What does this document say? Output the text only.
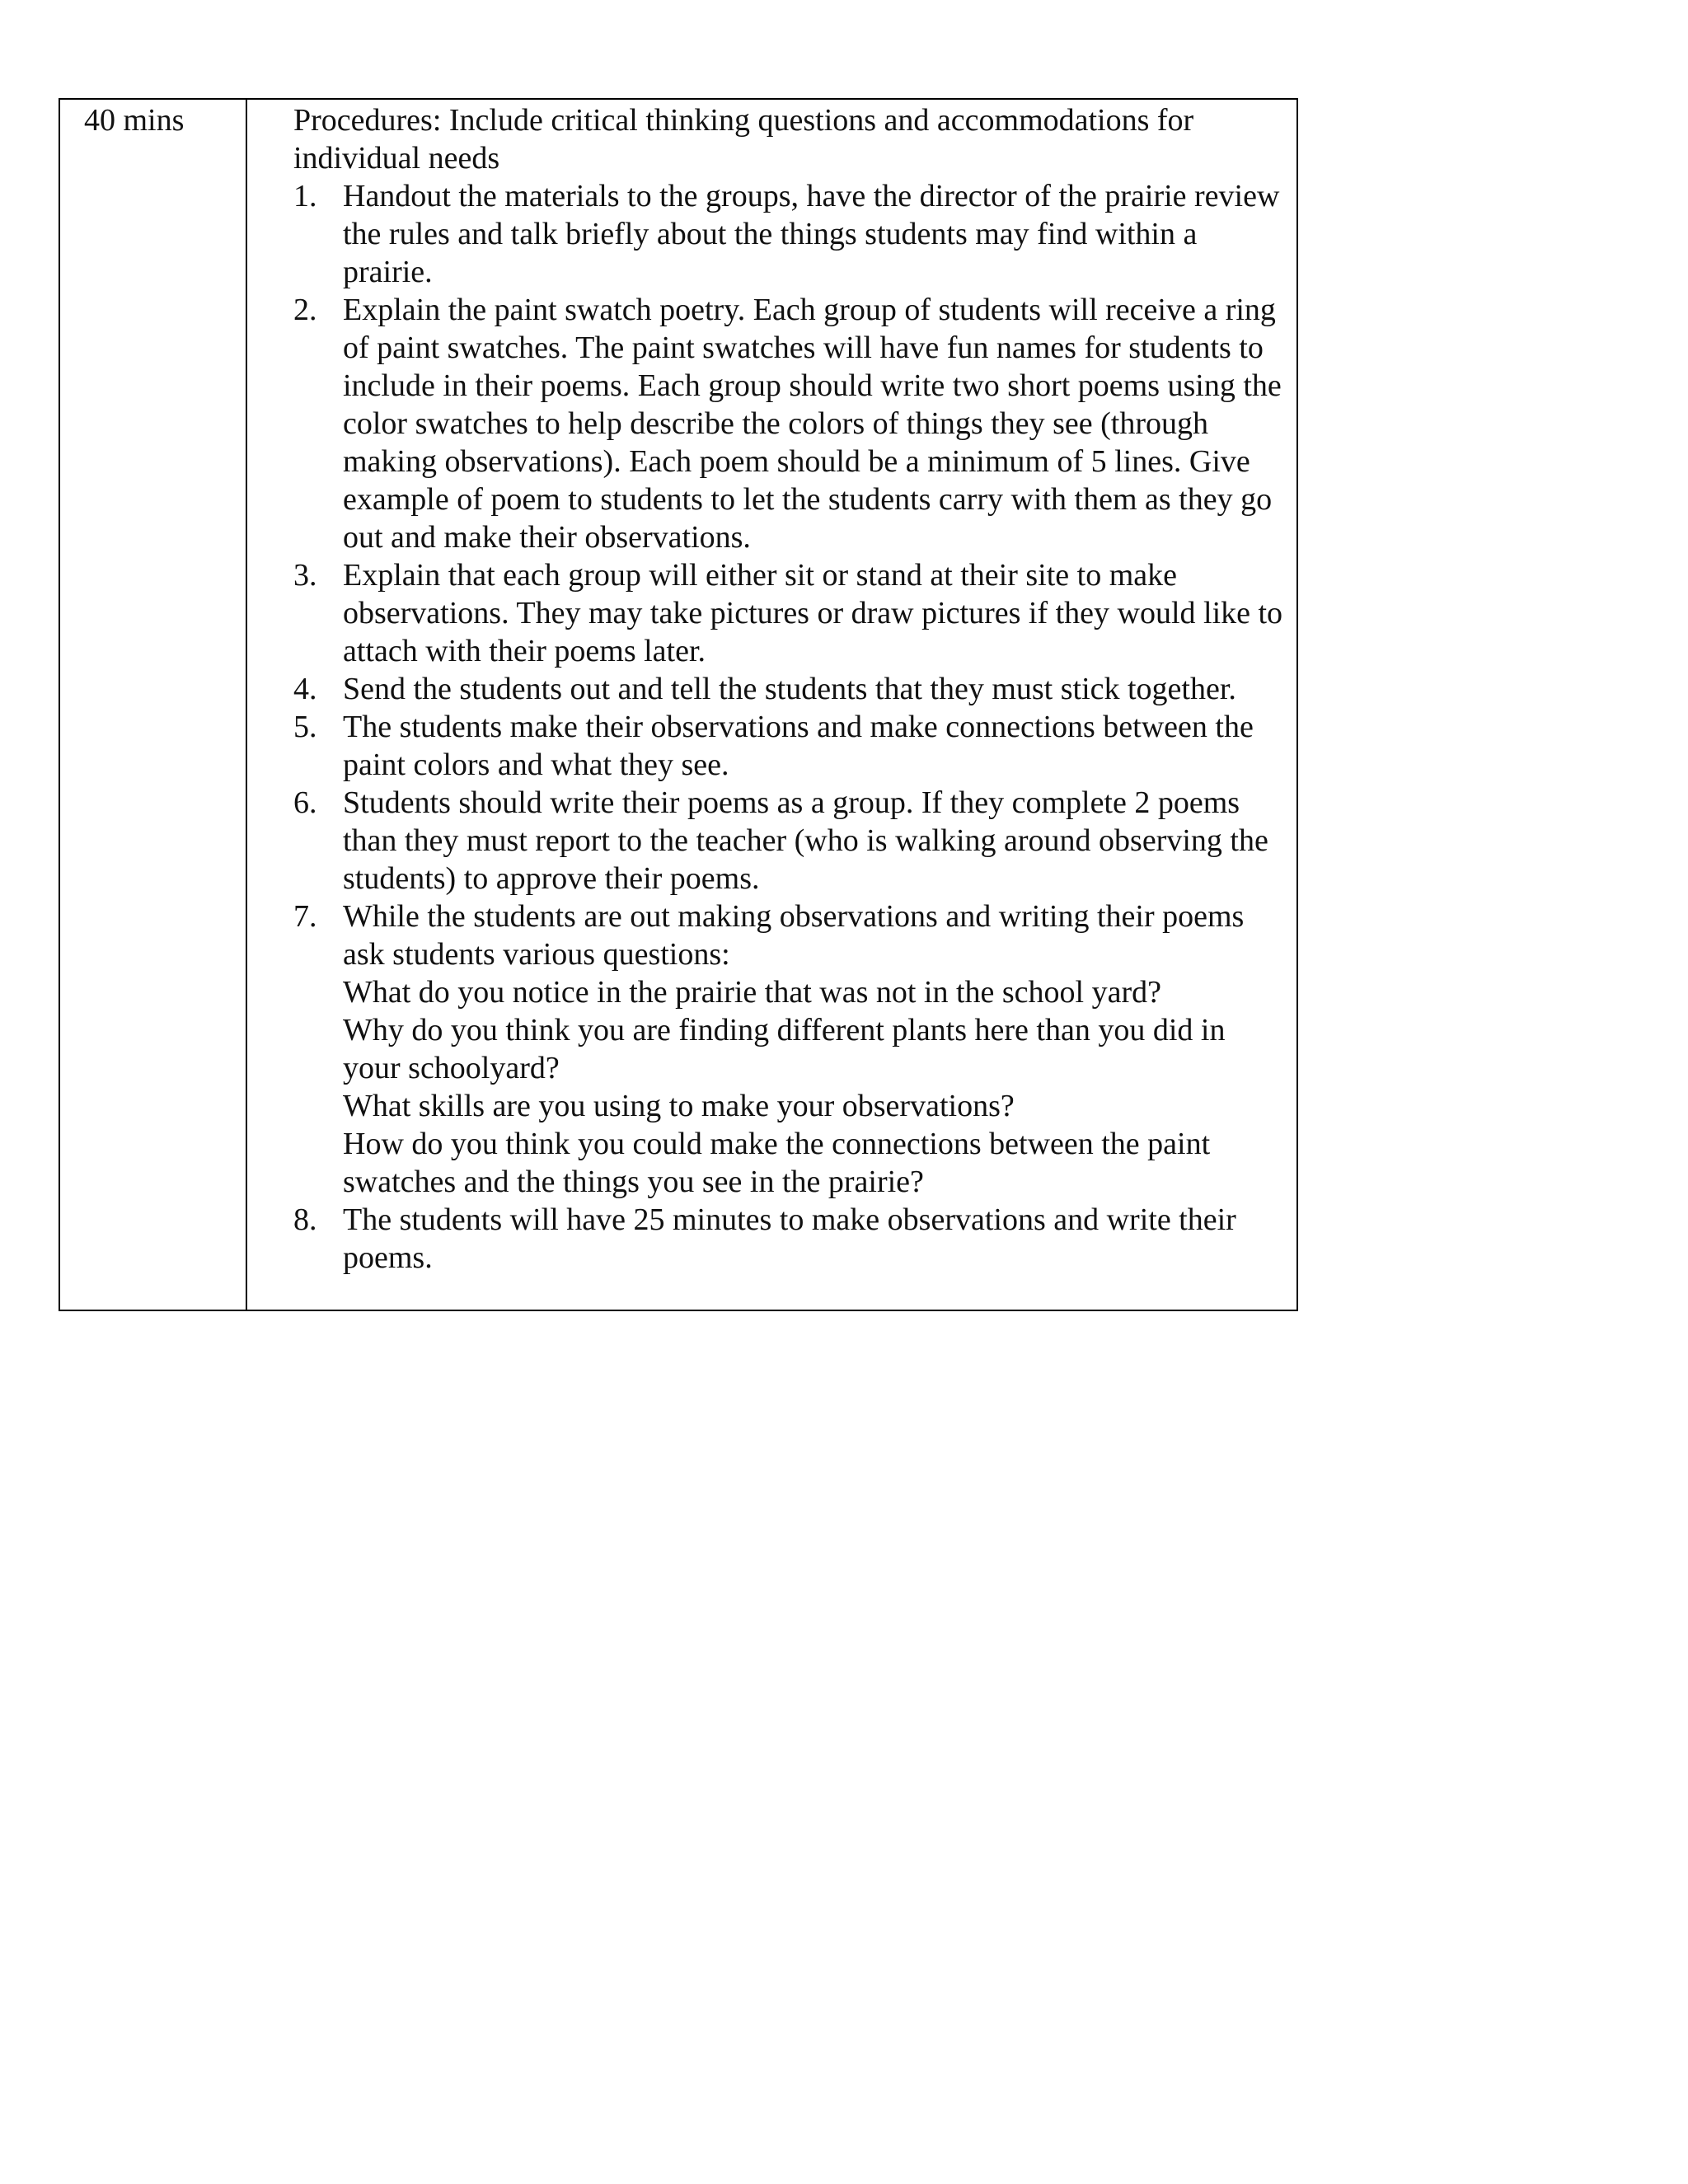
40 mins	Procedures: Include critical thinking questions and accommodations for individual needs

1. Handout the materials to the groups, have the director of the prairie review the rules and talk briefly about the things students may find within a prairie.
2. Explain the paint swatch poetry. Each group of students will receive a ring of paint swatches. The paint swatches will have fun names for students to include in their poems. Each group should write two short poems using the color swatches to help describe the colors of things they see (through making observations). Each poem should be a minimum of 5 lines. Give example of poem to students to let the students carry with them as they go out and make their observations.
3. Explain that each group will either sit or stand at their site to make observations. They may take pictures or draw pictures if they would like to attach with their poems later.
4. Send the students out and tell the students that they must stick together.
5. The students make their observations and make connections between the paint colors and what they see.
6. Students should write their poems as a group. If they complete 2 poems than they must report to the teacher (who is walking around observing the students) to approve their poems.
7. While the students are out making observations and writing their poems ask students various questions:
What do you notice in the prairie that was not in the school yard?
Why do you think you are finding different plants here than you did in your schoolyard?
What skills are you using to make your observations?
How do you think you could make the connections between the paint swatches and the things you see in the prairie?
8. The students will have 25 minutes to make observations and write their poems.
